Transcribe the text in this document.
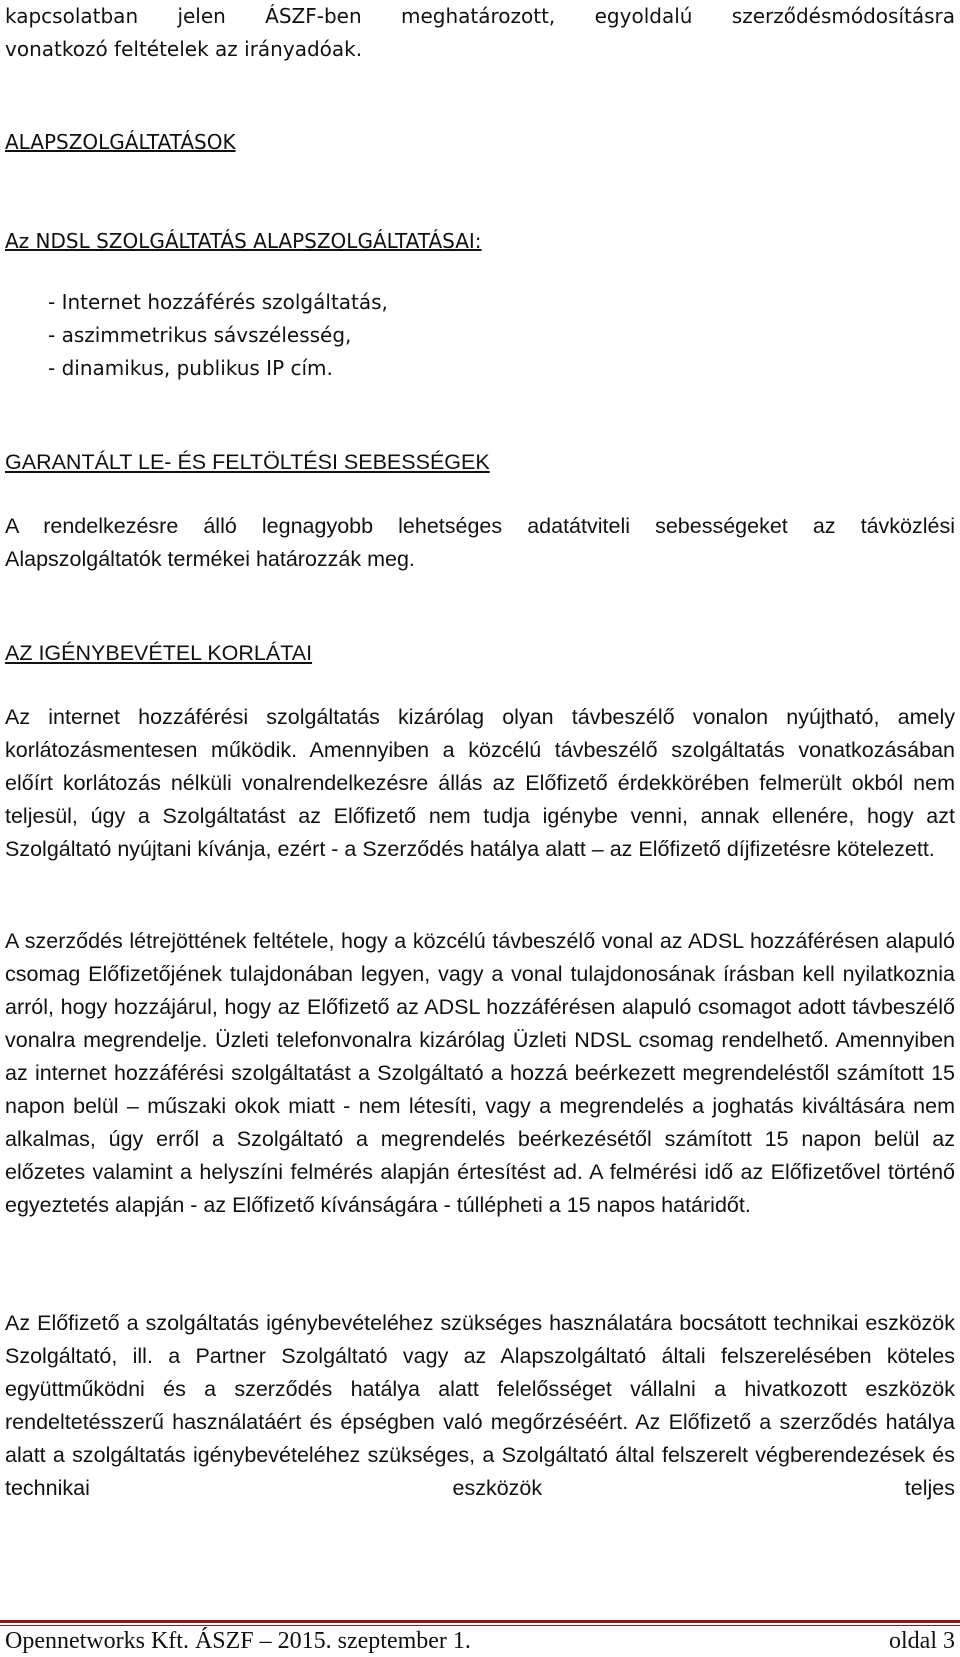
kapcsolatban jelen ÁSZF-ben meghatározott, egyoldalú szerződésmódosításra

vonatkozó feltételek az irányadóak.

ALAPSZOLGÁLTATÁSOK

Az NDSL SZOLGÁLTATÁS ALAPSZOLGÁLTATÁSAI:

- Internet hozzáférés szolgáltatás,
- aszimmetrikus sávszélesség,
- dinamikus, publikus IP cím.

GARANTÁLT LE- ÉS FELTÖLTÉSI SEBESSÉGEK

A rendelkezésre álló legnagyobb lehetséges adatátviteli sebességeket az távközlési Alapszolgáltatók termékei határozzák meg.

AZ IGÉNYBEVÉTEL KORLÁTAI

Az internet hozzáférési szolgáltatás kizárólag olyan távbeszélő vonalon nyújtható, amely korlátozásmentesen működik. Amennyiben a közcélú távbeszélő szolgáltatás vonatkozásában előírt korlátozás nélküli vonalrendelkezésre állás az Előfizető érdekkörében felmerült okból nem teljesül, úgy a Szolgáltatást az Előfizető nem tudja igénybe venni, annak ellenére, hogy azt Szolgáltató nyújtani kívánja, ezért - a Szerződés hatálya alatt – az Előfizető díjfizetésre kötelezett.

A szerződés létrejöttének feltétele, hogy a közcélú távbeszélő vonal az ADSL hozzáférésen alapuló csomag Előfizetőjének tulajdonában legyen, vagy a vonal tulajdonosának írásban kell nyilatkoznia arról, hogy hozzájárul, hogy az Előfizető az ADSL hozzáférésen alapuló csomagot adott távbeszélő vonalra megrendelje. Üzleti telefonvonalra kizárólag Üzleti NDSL csomag rendelhető. Amennyiben az internet hozzáférési szolgáltatást a Szolgáltató a hozzá beérkezett megrendeléstől számított 15 napon belül – műszaki okok miatt - nem létesíti, vagy a megrendelés a joghatás kiváltására nem alkalmas, úgy erről a Szolgáltató a megrendelés beérkezésétől számított 15 napon belül az előzetes valamint a helyszíni felmérés alapján értesítést ad. A felmérési idő az Előfizetővel történő egyeztetés alapján - az Előfizető kívánságára - túllépheti a 15 napos határidőt.

Az Előfizető a szolgáltatás igénybevételéhez szükséges használatára bocsátott technikai eszközök Szolgáltató, ill. a Partner Szolgáltató vagy az Alapszolgáltató általi felszerelésében köteles együttműködni és a szerződés hatálya alatt felelősséget vállalni a hivatkozott eszközök rendeltetésszerű használatáért és épségben való megőrzéséért. Az Előfizető a szerződés hatálya alatt a szolgáltatás igénybevételéhez szükséges, a Szolgáltató által felszerelt végberendezések és technikai eszközök teljes

Opennetworks Kft. ÁSZF – 2015. szeptember 1.	oldal 3
